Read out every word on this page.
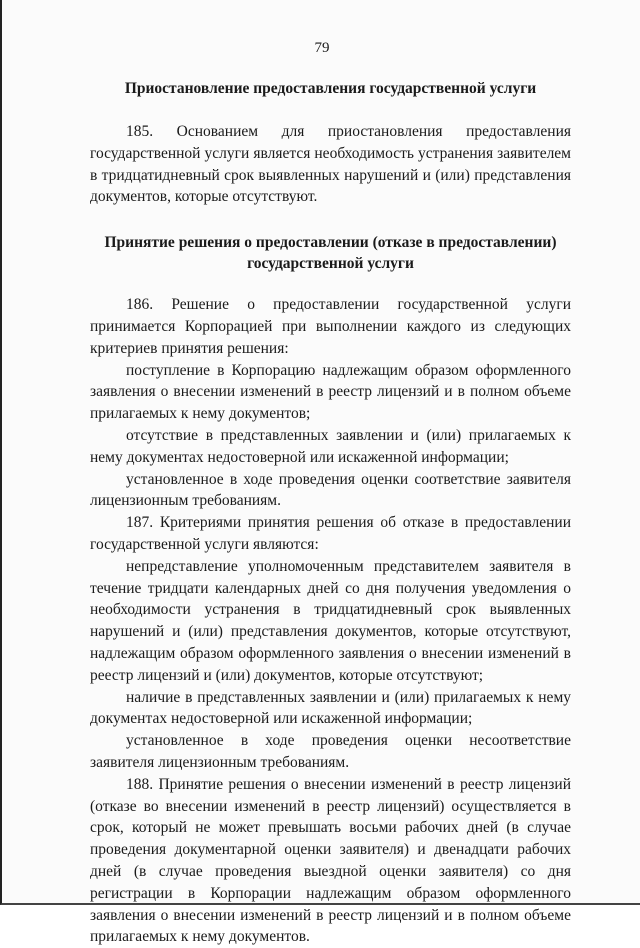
79

Приостановление предоставления государственной услуги

185. Основанием для приостановления предоставления государственной услуги является необходимость устранения заявителем в тридцатидневный срок выявленных нарушений и (или) представления документов, которые отсутствуют.

Принятие решения о предоставлении (отказе в предоставлении)

государственной услуги

186. Решение о предоставлении государственной услуги принимается Корпорацией при выполнении каждого из следующих критериев принятия решения:

поступление в Корпорацию надлежащим образом оформленного заявления о внесении изменений в реестр лицензий и в полном объеме прилагаемых к нему документов;

отсутствие в представленных заявлении и (или) прилагаемых к нему документах недостоверной или искаженной информации;

установленное в ходе проведения оценки соответствие заявителя лицензионным требованиям.

187. Критериями принятия решения об отказе в предоставлении государственной услуги являются:

непредставление уполномоченным представителем заявителя в течение тридцати календарных дней со дня получения уведомления о необходимости устранения в тридцатидневный срок выявленных нарушений и (или) представления документов, которые отсутствуют, надлежащим образом оформленного заявления о внесении изменений в реестр лицензий и (или) документов, которые отсутствуют;

наличие в представленных заявлении и (или) прилагаемых к нему документах недостоверной или искаженной информации;

установленное в ходе проведения оценки несоответствие заявителя лицензионным требованиям.

188. Принятие решения о внесении изменений в реестр лицензий (отказе во внесении изменений в реестр лицензий) осуществляется в срок, который не может превышать восьми рабочих дней (в случае проведения документарной оценки заявителя) и двенадцати рабочих дней (в случае проведения выездной оценки заявителя) со дня регистрации в Корпорации надлежащим образом оформленного заявления о внесении изменений в реестр лицензий и в полном объеме прилагаемых к нему документов.
